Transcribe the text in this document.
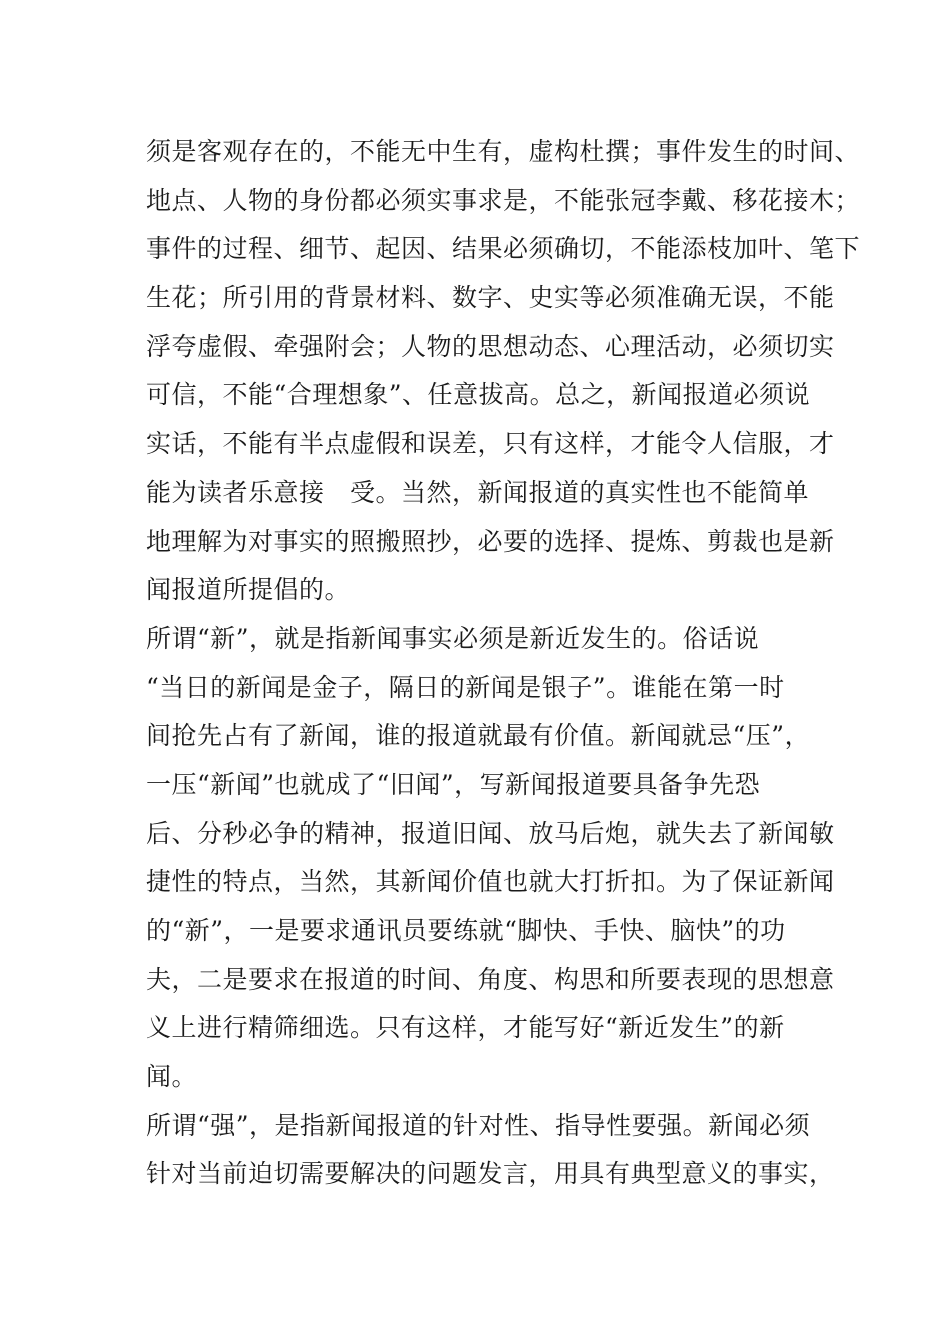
须是客观存在的，不能无中生有，虚构杜撰；事件发生的时间、
地点、人物的身份都必须实事求是，不能张冠李戴、移花接木；
事件的过程、细节、起因、结果必须确切，不能添枝加叶、笔下
生花；所引用的背景材料、数字、史实等必须准确无误，不能
浮夸虚假、牵强附会；人物的思想动态、心理活动，必须切实
可信，不能“合理想象”、任意拔高。总之，新闻报道必须说
实话，不能有半点虚假和误差，只有这样，才能令人信服，才
能为读者乐意接　受。当然，新闻报道的真实性也不能简单
地理解为对事实的照搬照抄，必要的选择、提炼、剪裁也是新
闻报道所提倡的。
所谓“新”，就是指新闻事实必须是新近发生的。俗话说
“当日的新闻是金子，隔日的新闻是银子”。谁能在第一时
间抢先占有了新闻，谁的报道就最有价值。新闻就忌“压”，
一压“新闻”也就成了“旧闻”，写新闻报道要具备争先恐
后、分秒必争的精神，报道旧闻、放马后炮，就失去了新闻敏
捷性的特点，当然，其新闻价值也就大打折扣。为了保证新闻
的“新”，一是要求通讯员要练就“脚快、手快、脑快”的功
夫，二是要求在报道的时间、角度、构思和所要表现的思想意
义上进行精筛细选。只有这样，才能写好“新近发生”的新
闻。
所谓“强”，是指新闻报道的针对性、指导性要强。新闻必须
针对当前迫切需要解决的问题发言，用具有典型意义的事实，
